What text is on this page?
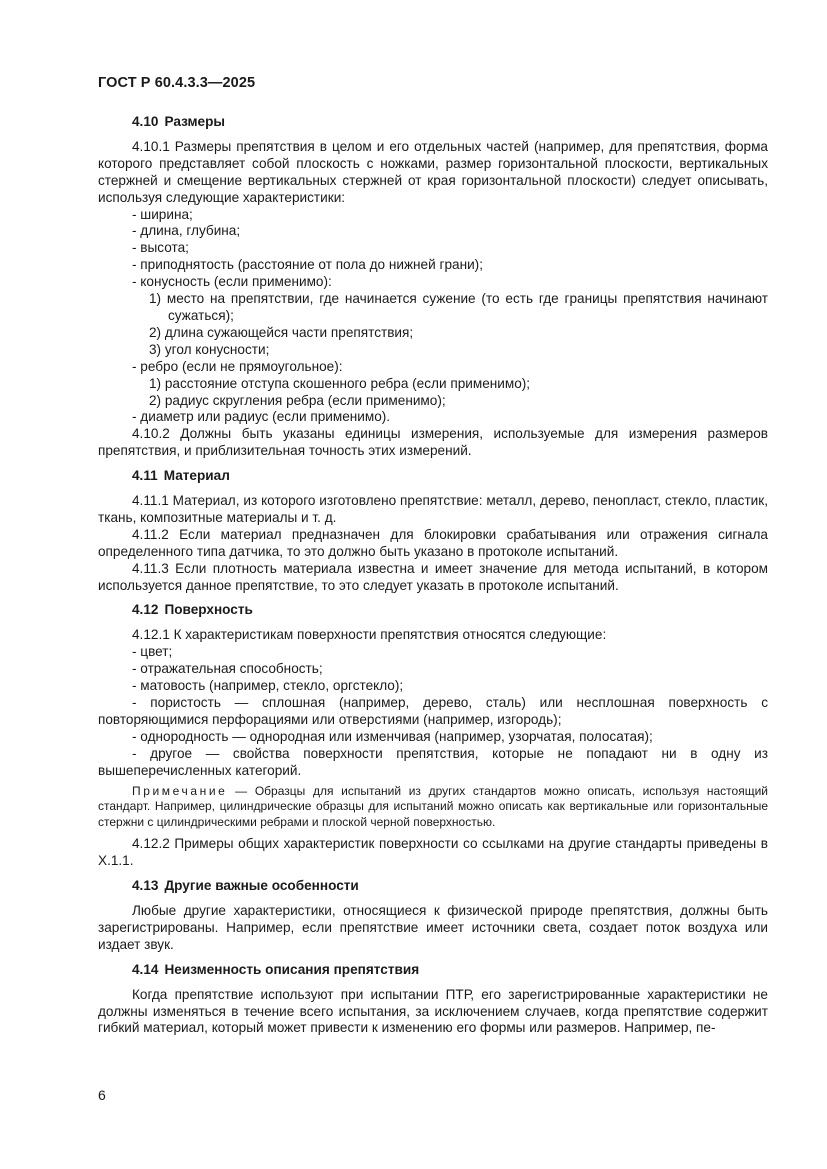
ГОСТ Р 60.4.3.3—2025

4.10 Размеры

4.10.1 Размеры препятствия в целом и его отдельных частей (например, для препятствия, форма которого представляет собой плоскость с ножками, размер горизонтальной плоскости, вертикальных стержней и смещение вертикальных стержней от края горизонтальной плоскости) следует описывать, используя следующие характеристики:

- ширина;

- длина, глубина;

- высота;

- приподнятость (расстояние от пола до нижней грани);

- конусность (если применимо):

1) место на препятствии, где начинается сужение (то есть где границы препятствия начинают сужаться);

2) длина сужающейся части препятствия;

3) угол конусности;

- ребро (если не прямоугольное):

1) расстояние отступа скошенного ребра (если применимо);

2) радиус скругления ребра (если применимо);

- диаметр или радиус (если применимо).

4.10.2 Должны быть указаны единицы измерения, используемые для измерения размеров препятствия, и приблизительная точность этих измерений.

4.11 Материал

4.11.1 Материал, из которого изготовлено препятствие: металл, дерево, пенопласт, стекло, пластик, ткань, композитные материалы и т. д.

4.11.2 Если материал предназначен для блокировки срабатывания или отражения сигнала определенного типа датчика, то это должно быть указано в протоколе испытаний.

4.11.3 Если плотность материала известна и имеет значение для метода испытаний, в котором используется данное препятствие, то это следует указать в протоколе испытаний.

4.12 Поверхность

4.12.1 К характеристикам поверхности препятствия относятся следующие:

- цвет;

- отражательная способность;

- матовость (например, стекло, оргстекло);

- пористость — сплошная (например, дерево, сталь) или несплошная поверхность с повторяющимися перфорациями или отверстиями (например, изгородь);

- однородность — однородная или изменчивая (например, узорчатая, полосатая);

- другое — свойства поверхности препятствия, которые не попадают ни в одну из вышеперечисленных категорий.

Примечание — Образцы для испытаний из других стандартов можно описать, используя настоящий стандарт. Например, цилиндрические образцы для испытаний можно описать как вертикальные или горизонтальные стержни с цилиндрическими ребрами и плоской черной поверхностью.

4.12.2 Примеры общих характеристик поверхности со ссылками на другие стандарты приведены в Х.1.1.

4.13 Другие важные особенности

Любые другие характеристики, относящиеся к физической природе препятствия, должны быть зарегистрированы. Например, если препятствие имеет источники света, создает поток воздуха или издает звук.

4.14 Неизменность описания препятствия

Когда препятствие используют при испытании ПТР, его зарегистрированные характеристики не должны изменяться в течение всего испытания, за исключением случаев, когда препятствие содержит гибкий материал, который может привести к изменению его формы или размеров. Например, пе-

6
